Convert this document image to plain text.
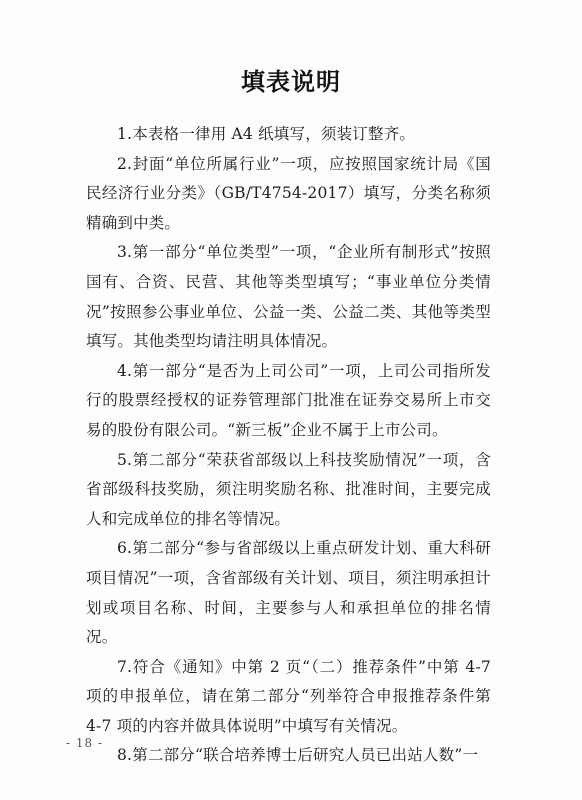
填表说明

1.本表格一律用 A4 纸填写，须装订整齐。

2.封面“单位所属行业”一项，应按照国家统计局《国民经济行业分类》（GB/T4754-2017）填写，分类名称须精确到中类。

3.第一部分“单位类型”一项，“企业所有制形式”按照国有、合资、民营、其他等类型填写；“事业单位分类情况”按照参公事业单位、公益一类、公益二类、其他等类型填写。其他类型均请注明具体情况。

4.第一部分“是否为上司公司”一项，上司公司指所发行的股票经授权的证券管理部门批准在证券交易所上市交易的股份有限公司。“新三板”企业不属于上市公司。

5.第二部分“荣获省部级以上科技奖励情况”一项，含省部级科技奖励，须注明奖励名称、批准时间，主要完成人和完成单位的排名等情况。

6.第二部分“参与省部级以上重点研发计划、重大科研项目情况”一项，含省部级有关计划、项目，须注明承担计划或项目名称、时间，主要参与人和承担单位的排名情况。

7.符合《通知》中第 2 页“（二）推荐条件”中第 4-7 项的申报单位，请在第二部分“列举符合申报推荐条件第 4-7 项的内容并做具体说明”中填写有关情况。

8.第二部分“联合培养博士后研究人员已出站人数”一

- 18 -
